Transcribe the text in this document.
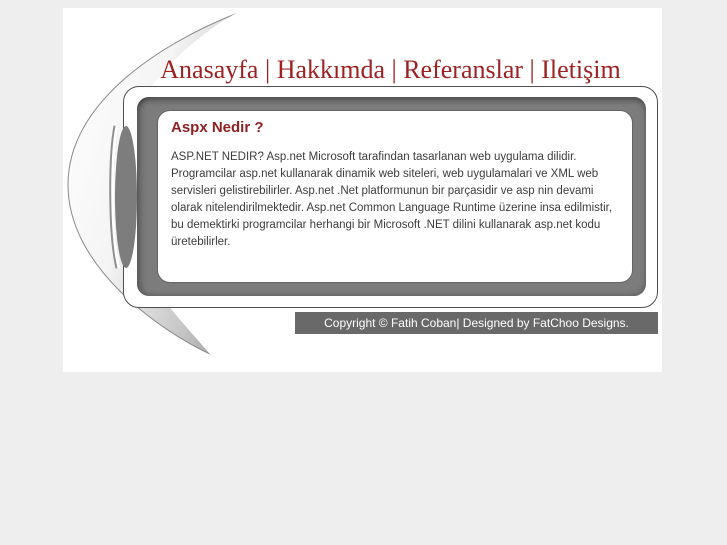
Anasayfa | Hakkımda | Referanslar | Iletişim
Aspx Nedir ?

ASP.NET NEDIR? Asp.net Microsoft tarafindan tasarlanan web uygulama dilidir. Programcilar asp.net kullanarak dinamik web siteleri, web uygulamalari ve XML web servisleri gelistirebilirler. Asp.net .Net platformunun bir parçasidir ve asp nin devami olarak nitelendirilmektedir. Asp.net Common Language Runtime üzerine insa edilmistir, bu demektirki programcilar herhangi bir Microsoft .NET dilini kullanarak asp.net kodu üretebilirler.

Copyright © Fatih Coban| Designed by FatChoo Designs.
